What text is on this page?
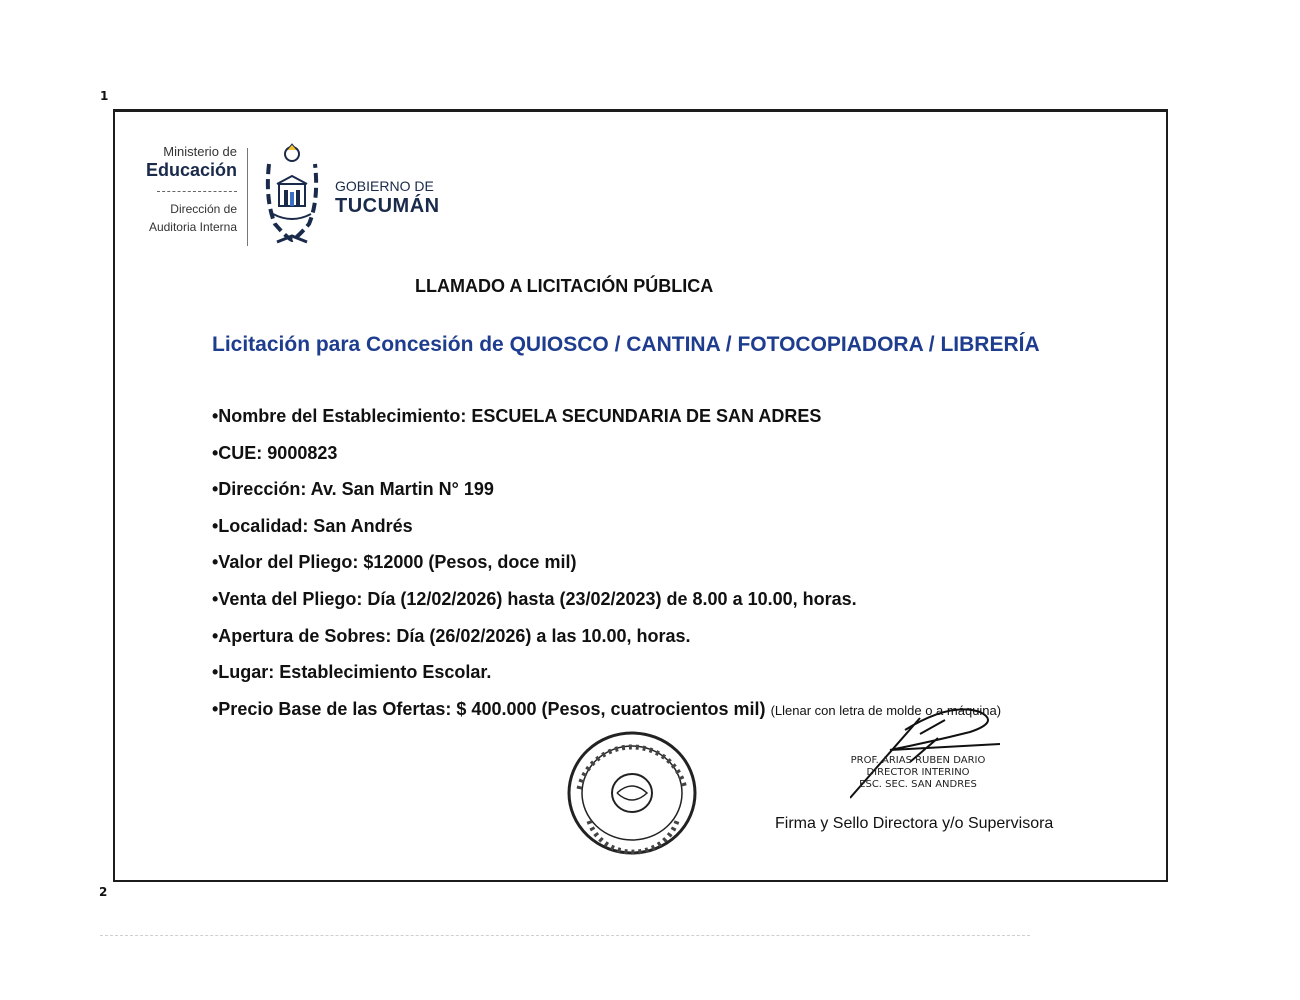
1
2
Ministerio de
Educación
Dirección de
Auditoria Interna
GOBIERNO DE
TUCUMÁN
LLAMADO A LICITACIÓN PÚBLICA
Licitación para Concesión de QUIOSCO / CANTINA / FOTOCOPIADORA / LIBRERÍA
•Nombre del Establecimiento: ESCUELA SECUNDARIA DE SAN ADRES
•CUE: 9000823
•Dirección: Av. San Martin N° 199
•Localidad: San Andrés
•Valor del Pliego: $12000 (Pesos, doce mil)
•Venta del Pliego: Día (12/02/2026) hasta (23/02/2023) de 8.00 a 10.00, horas.
•Apertura de Sobres: Día (26/02/2026) a las 10.00, horas.
•Lugar: Establecimiento Escolar.
•Precio Base de las Ofertas: $ 400.000 (Pesos, cuatrocientos mil) (Llenar con letra de molde o a máquina)
PROF. ARIAS RUBEN DARIO
DIRECTOR INTERINO
ESC. SEC. SAN ANDRES
Firma y Sello Directora y/o Supervisora
